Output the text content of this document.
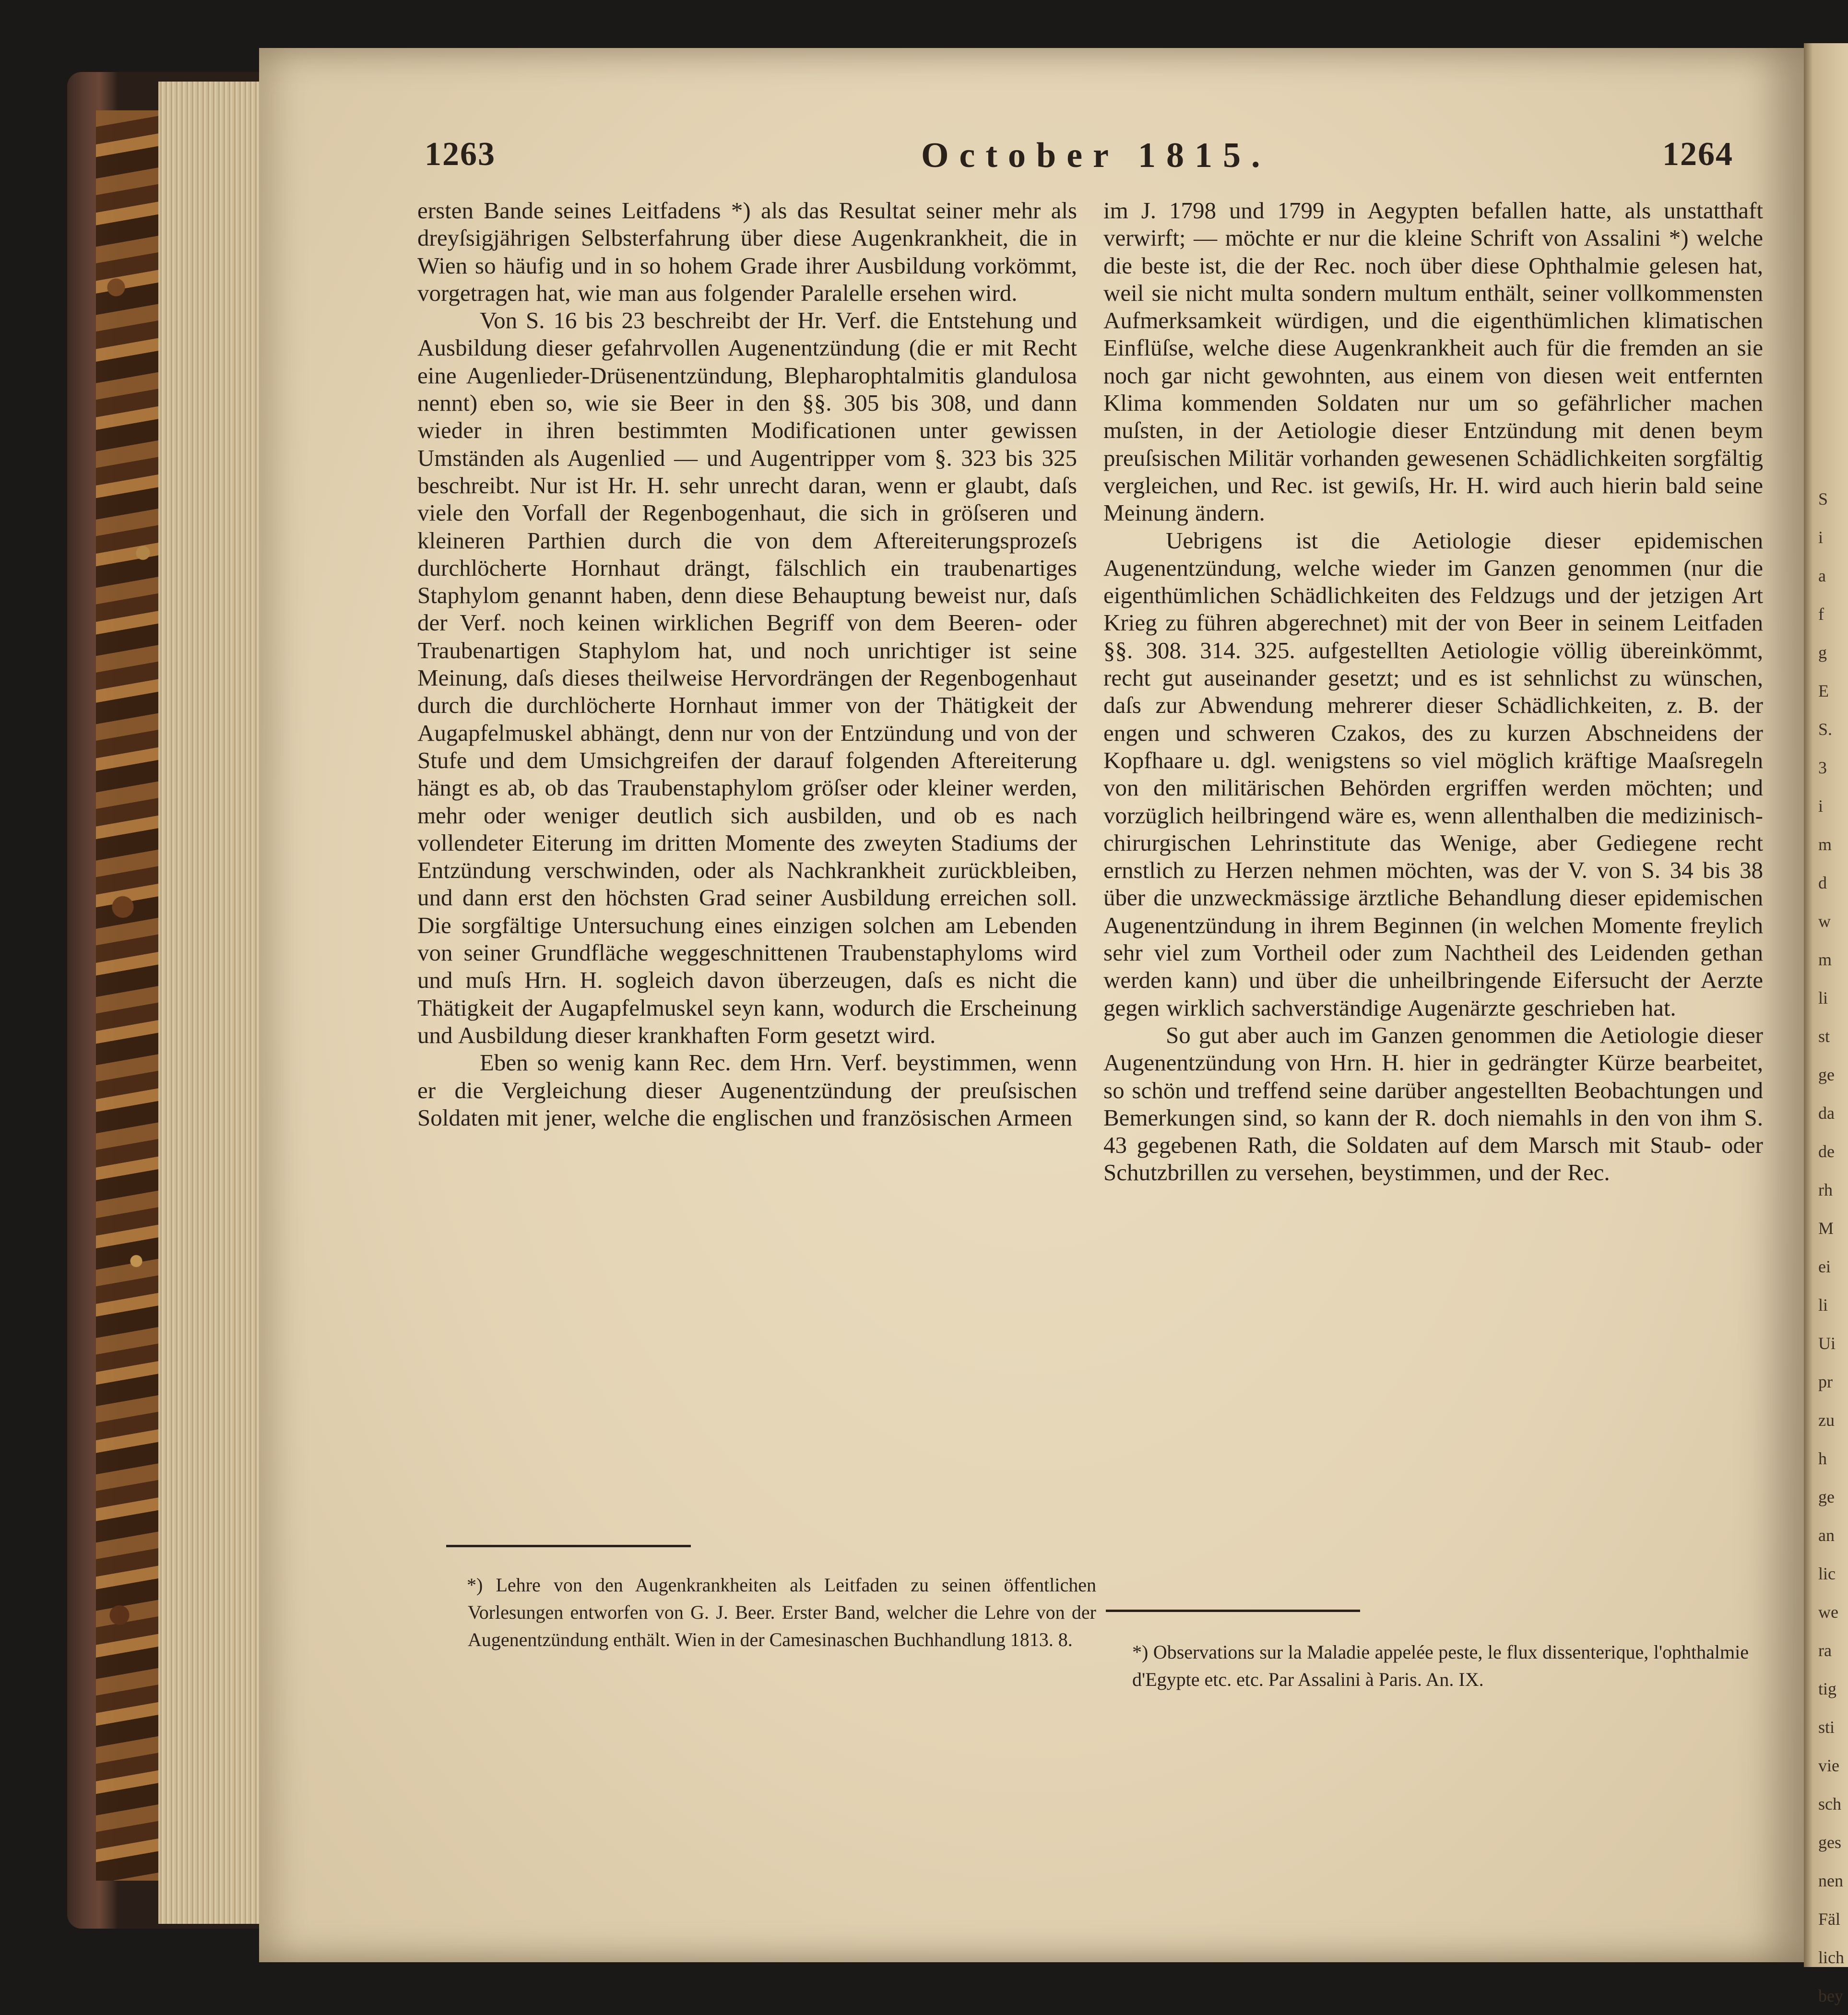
S
i
a
f
g
E
S.
3
i
m
d
w
m
li
st
ge
da
de
rh
M
ei
li
Ui
pr
zu
h
ge
an
lic
we
ra
tig
sti
vie
sch
ges
nen
Fäl
lich
bey
1263	October 1815.	1264

ersten Bande seines Leitfadens *) als das Resultat seiner mehr als dreyſsigjährigen Selbsterfahrung über diese Augenkrankheit, die in Wien so häufig und in so hohem Grade ihrer Ausbildung vorkömmt, vorgetragen hat, wie man aus folgender Paralelle ersehen wird.

Von S. 16 bis 23 beschreibt der Hr. Verf. die Entstehung und Ausbildung dieser gefahrvollen Augenentzündung (die er mit Recht eine Augenlieder-Drüsenentzündung, Blepharophtalmitis glandulosa nennt) eben so, wie sie Beer in den §§. 305 bis 308, und dann wieder in ihren bestimmten Modificationen unter gewissen Umständen als Augenlied — und Augentripper vom §. 323 bis 325 beschreibt. Nur ist Hr. H. sehr unrecht daran, wenn er glaubt, daſs viele den Vorfall der Regenbogenhaut, die sich in gröſseren und kleineren Parthien durch die von dem Aftereiterungsprozeſs durchlöcherte Hornhaut drängt, fälschlich ein traubenartiges Staphylom genannt haben, denn diese Behauptung beweist nur, daſs der Verf. noch keinen wirklichen Begriff von dem Beeren- oder Traubenartigen Staphylom hat, und noch unrichtiger ist seine Meinung, daſs dieses theilweise Hervordrängen der Regenbogenhaut durch die durchlöcherte Hornhaut immer von der Thätigkeit der Augapfelmuskel abhängt, denn nur von der Entzündung und von der Stufe und dem Umsichgreifen der darauf folgenden Aftereiterung hängt es ab, ob das Traubenstaphylom gröſser oder kleiner werden, mehr oder weniger deutlich sich ausbilden, und ob es nach vollendeter Eiterung im dritten Momente des zweyten Stadiums der Entzündung verschwinden, oder als Nachkrankheit zurückbleiben, und dann erst den höchsten Grad seiner Ausbildung erreichen soll. Die sorgfältige Untersuchung eines einzigen solchen am Lebenden von seiner Grundfläche weggeschnittenen Traubenstaphyloms wird und muſs Hrn. H. sogleich davon überzeugen, daſs es nicht die Thätigkeit der Augapfelmuskel seyn kann, wodurch die Erscheinung und Ausbildung dieser krankhaften Form gesetzt wird.

Eben so wenig kann Rec. dem Hrn. Verf. beystimmen, wenn er die Vergleichung dieser Augenentzündung der preuſsischen Soldaten mit jener, welche die englischen und französischen Armeen

im J. 1798 und 1799 in Aegypten befallen hatte, als unstatthaft verwirft; — möchte er nur die kleine Schrift von Assalini *) welche die beste ist, die der Rec. noch über diese Ophthalmie gelesen hat, weil sie nicht multa sondern multum enthält, seiner vollkommensten Aufmerksamkeit würdigen, und die eigenthümlichen klimatischen Einflüſse, welche diese Augenkrankheit auch für die fremden an sie noch gar nicht gewohnten, aus einem von diesen weit entfernten Klima kommenden Soldaten nur um so gefährlicher machen muſsten, in der Aetiologie dieser Entzündung mit denen beym preuſsischen Militär vorhanden gewesenen Schädlichkeiten sorgfältig vergleichen, und Rec. ist gewiſs, Hr. H. wird auch hierin bald seine Meinung ändern.

Uebrigens ist die Aetiologie dieser epidemischen Augenentzündung, welche wieder im Ganzen genommen (nur die eigenthümlichen Schädlichkeiten des Feldzugs und der jetzigen Art Krieg zu führen abgerechnet) mit der von Beer in seinem Leitfaden §§. 308. 314. 325. aufgestellten Aetiologie völlig übereinkömmt, recht gut auseinander gesetzt; und es ist sehnlichst zu wünschen, daſs zur Abwendung mehrerer dieser Schädlichkeiten, z. B. der engen und schweren Czakos, des zu kurzen Abschneidens der Kopfhaare u. dgl. wenigstens so viel möglich kräftige Maaſsregeln von den militärischen Behörden ergriffen werden möchten; und vorzüglich heilbringend wäre es, wenn allenthalben die medizinisch-chirurgischen Lehrinstitute das Wenige, aber Gediegene recht ernstlich zu Herzen nehmen möchten, was der V. von S. 34 bis 38 über die unzweckmässige ärztliche Behandlung dieser epidemischen Augenentzündung in ihrem Beginnen (in welchen Momente freylich sehr viel zum Vortheil oder zum Nachtheil des Leidenden gethan werden kann) und über die unheilbringende Eifersucht der Aerzte gegen wirklich sachverständige Augenärzte geschrieben hat.

So gut aber auch im Ganzen genommen die Aetiologie dieser Augenentzündung von Hrn. H. hier in gedrängter Kürze bearbeitet, so schön und treffend seine darüber angestellten Beobachtungen und Bemerkungen sind, so kann der R. doch niemahls in den von ihm S. 43 gegebenen Rath, die Soldaten auf dem Marsch mit Staub- oder Schutzbrillen zu versehen, beystimmen, und der Rec.

*) Lehre von den Augenkrankheiten als Leitfaden zu seinen öffentlichen Vorlesungen entworfen von G. J. Beer. Erster Band, welcher die Lehre von der Augenentzündung enthält. Wien in der Camesinaschen Buchhandlung 1813. 8.
*) Observations sur la Maladie appelée peste, le flux dissenterique, l'ophthalmie d'Egypte etc. etc. Par Assalini à Paris. An. IX.
